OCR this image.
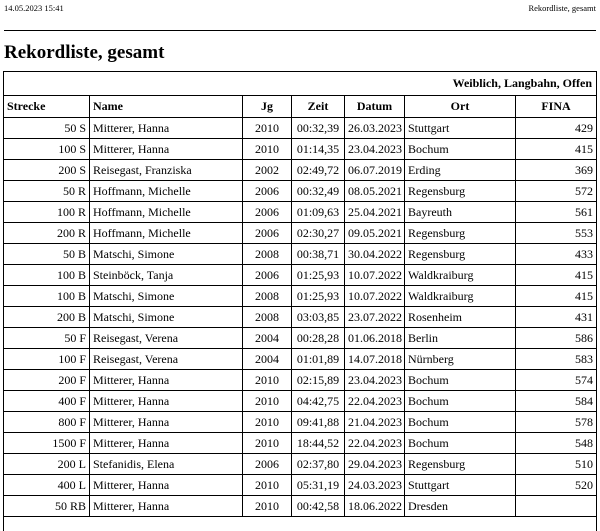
14.05.2023 15:41	Rekordliste, gesamt
Rekordliste, gesamt
Weiblich, Langbahn, Offen
Strecke	Name	Jg	Zeit	Datum	Ort	FINA
50 S	Mitterer, Hanna	2010	00:32,39	26.03.2023	Stuttgart	429
100 S	Mitterer, Hanna	2010	01:14,35	23.04.2023	Bochum	415
200 S	Reisegast, Franziska	2002	02:49,72	06.07.2019	Erding	369
50 R	Hoffmann, Michelle	2006	00:32,49	08.05.2021	Regensburg	572
100 R	Hoffmann, Michelle	2006	01:09,63	25.04.2021	Bayreuth	561
200 R	Hoffmann, Michelle	2006	02:30,27	09.05.2021	Regensburg	553
50 B	Matschi, Simone	2008	00:38,71	30.04.2022	Regensburg	433
100 B	Steinböck, Tanja	2006	01:25,93	10.07.2022	Waldkraiburg	415
100 B	Matschi, Simone	2008	01:25,93	10.07.2022	Waldkraiburg	415
200 B	Matschi, Simone	2008	03:03,85	23.07.2022	Rosenheim	431
50 F	Reisegast, Verena	2004	00:28,28	01.06.2018	Berlin	586
100 F	Reisegast, Verena	2004	01:01,89	14.07.2018	Nürnberg	583
200 F	Mitterer, Hanna	2010	02:15,89	23.04.2023	Bochum	574
400 F	Mitterer, Hanna	2010	04:42,75	22.04.2023	Bochum	584
800 F	Mitterer, Hanna	2010	09:41,88	21.04.2023	Bochum	578
1500 F	Mitterer, Hanna	2010	18:44,52	22.04.2023	Bochum	548
200 L	Stefanidis, Elena	2006	02:37,80	29.04.2023	Regensburg	510
400 L	Mitterer, Hanna	2010	05:31,19	24.03.2023	Stuttgart	520
50 RB	Mitterer, Hanna	2010	00:42,58	18.06.2022	Dresden	
